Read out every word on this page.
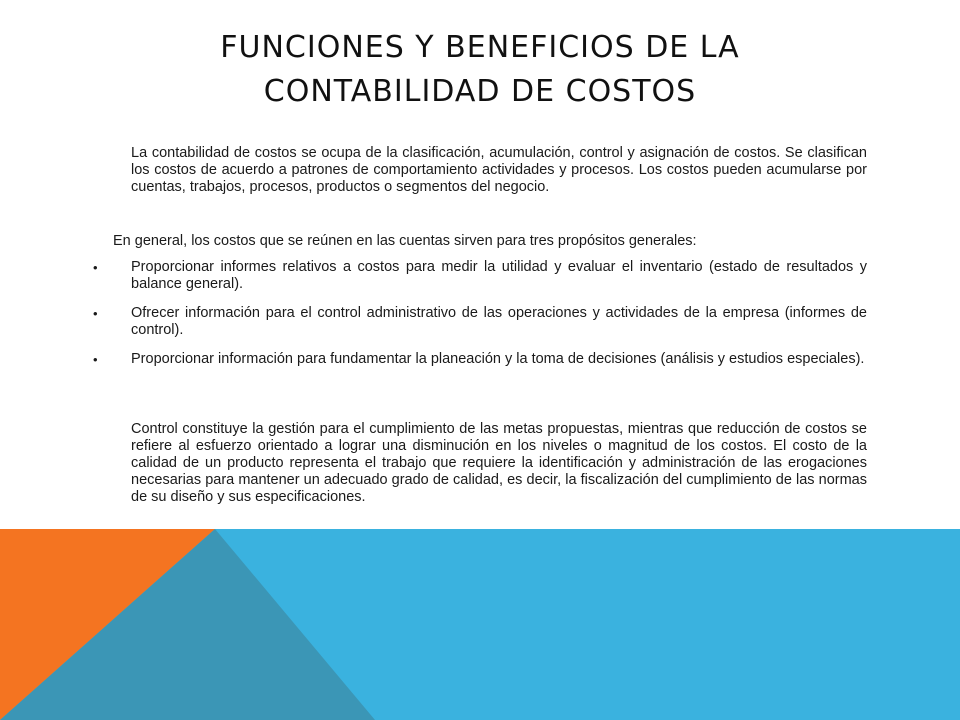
FUNCIONES Y BENEFICIOS DE LA
CONTABILIDAD DE COSTOS

La contabilidad de costos se ocupa de la clasificación, acumulación, control y asignación de costos. Se clasifican los costos de acuerdo a patrones de comportamiento actividades y procesos. Los costos pueden acumularse por cuentas, trabajos, procesos, productos o segmentos del negocio.

En general, los costos que se reúnen en las cuentas sirven para tres propósitos generales:

•	Proporcionar informes relativos a costos para medir la utilidad y evaluar el inventario (estado de resultados y balance general).
•	Ofrecer información para el control administrativo de las operaciones y actividades de la empresa (informes de control).
•	Proporcionar información para fundamentar la planeación y la toma de decisiones (análisis y estudios especiales).

Control constituye la gestión para el cumplimiento de las metas propuestas, mientras que reducción de costos se refiere al esfuerzo orientado a lograr una disminución en los niveles o magnitud de los costos. El costo de la calidad de un producto representa el trabajo que requiere la identificación y administración de las erogaciones necesarias para mantener un adecuado grado de calidad, es decir, la fiscalización del cumplimiento de las normas de su diseño y sus especificaciones.
